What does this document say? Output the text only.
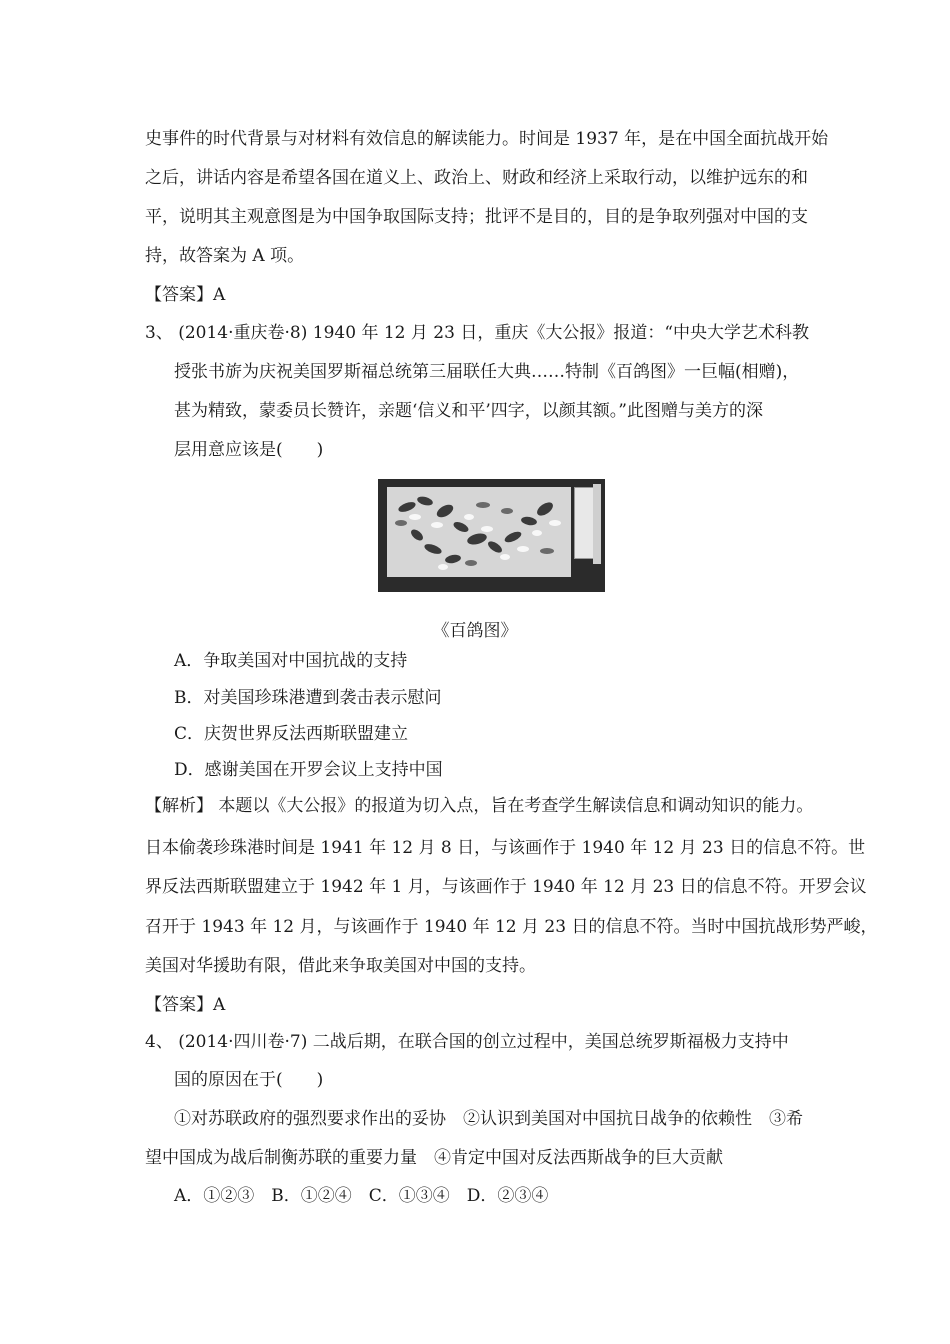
史事件的时代背景与对材料有效信息的解读能力。时间是 1937 年，是在中国全面抗战开始
之后，讲话内容是希望各国在道义上、政治上、财政和经济上采取行动，以维护远东的和
平，说明其主观意图是为中国争取国际支持；批评不是目的，目的是争取列强对中国的支
持，故答案为 A 项。
【答案】A
3、 (2014·重庆卷·8) 1940 年 12 月 23 日，重庆《大公报》报道：“中央大学艺术科教
授张书旂为庆祝美国罗斯福总统第三届联任大典……特制《百鸽图》一巨幅(相赠)，
甚为精致，蒙委员长赞许，亲题‘信义和平’四字，以颜其额。”此图赠与美方的深
层用意应该是(　　)
《百鸽图》
A．争取美国对中国抗战的支持
B．对美国珍珠港遭到袭击表示慰问
C．庆贺世界反法西斯联盟建立
D．感谢美国在开罗会议上支持中国
【解析】 本题以《大公报》的报道为切入点，旨在考查学生解读信息和调动知识的能力。
日本偷袭珍珠港时间是 1941 年 12 月 8 日，与该画作于 1940 年 12 月 23 日的信息不符。世
界反法西斯联盟建立于 1942 年 1 月，与该画作于 1940 年 12 月 23 日的信息不符。开罗会议
召开于 1943 年 12 月，与该画作于 1940 年 12 月 23 日的信息不符。当时中国抗战形势严峻，
美国对华援助有限，借此来争取美国对中国的支持。
【答案】A
4、 (2014·四川卷·7) 二战后期，在联合国的创立过程中，美国总统罗斯福极力支持中
国的原因在于(　　)
①对苏联政府的强烈要求作出的妥协　②认识到美国对中国抗日战争的依赖性　③希
望中国成为战后制衡苏联的重要力量　④肯定中国对反法西斯战争的巨大贡献
A．①②③　B．①②④　C．①③④　D．②③④
